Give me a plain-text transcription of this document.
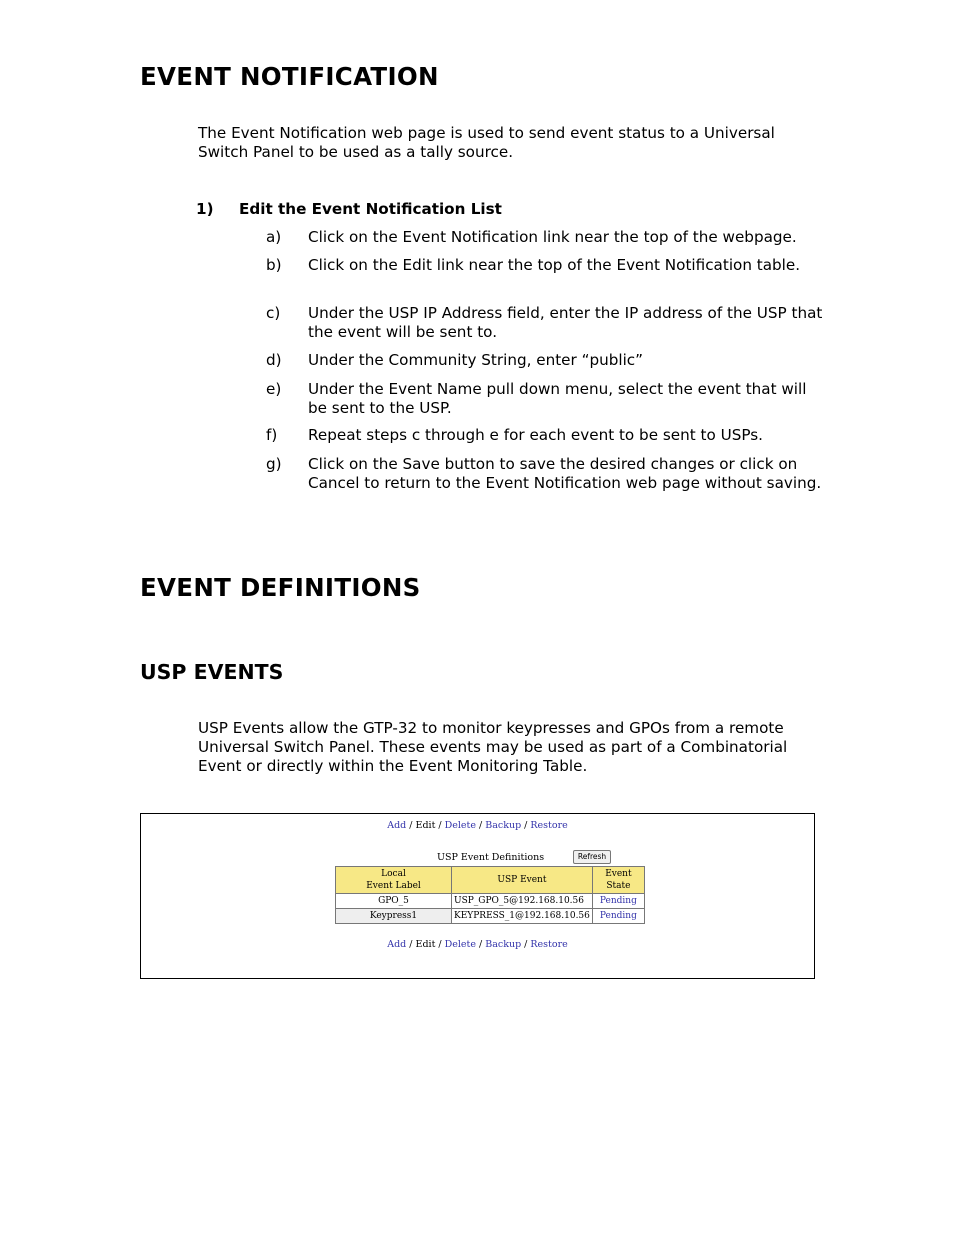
EVENT NOTIFICATION

The Event Notification web page is used to send event status to a Universal Switch Panel to be used as a tally source.

1) Edit the Event Notification List
a) Click on the Event Notification link near the top of the webpage.
b) Click on the Edit link near the top of the Event Notification table.
c) Under the USP IP Address field, enter the IP address of the USP that the event will be sent to.
d) Under the Community String, enter “public”
e) Under the Event Name pull down menu, select the event that will be sent to the USP.
f) Repeat steps c through e for each event to be sent to USPs.
g) Click on the Save button to save the desired changes or click on Cancel to return to the Event Notification web page without saving.
EVENT DEFINITIONS
USP EVENTS

USP Events allow the GTP-32 to monitor keypresses and GPOs from a remote Universal Switch Panel. These events may be used as part of a Combinatorial Event or directly within the Event Monitoring Table.

Add / Edit / Delete / Backup / Restore
USP Event Definitions	Refresh
Local
Event Label	USP Event	Event State
GPO_5	USP_GPO_5@192.168.10.56	Pending
Keypress1	KEYPRESS_1@192.168.10.56	Pending
Add / Edit / Delete / Backup / Restore
